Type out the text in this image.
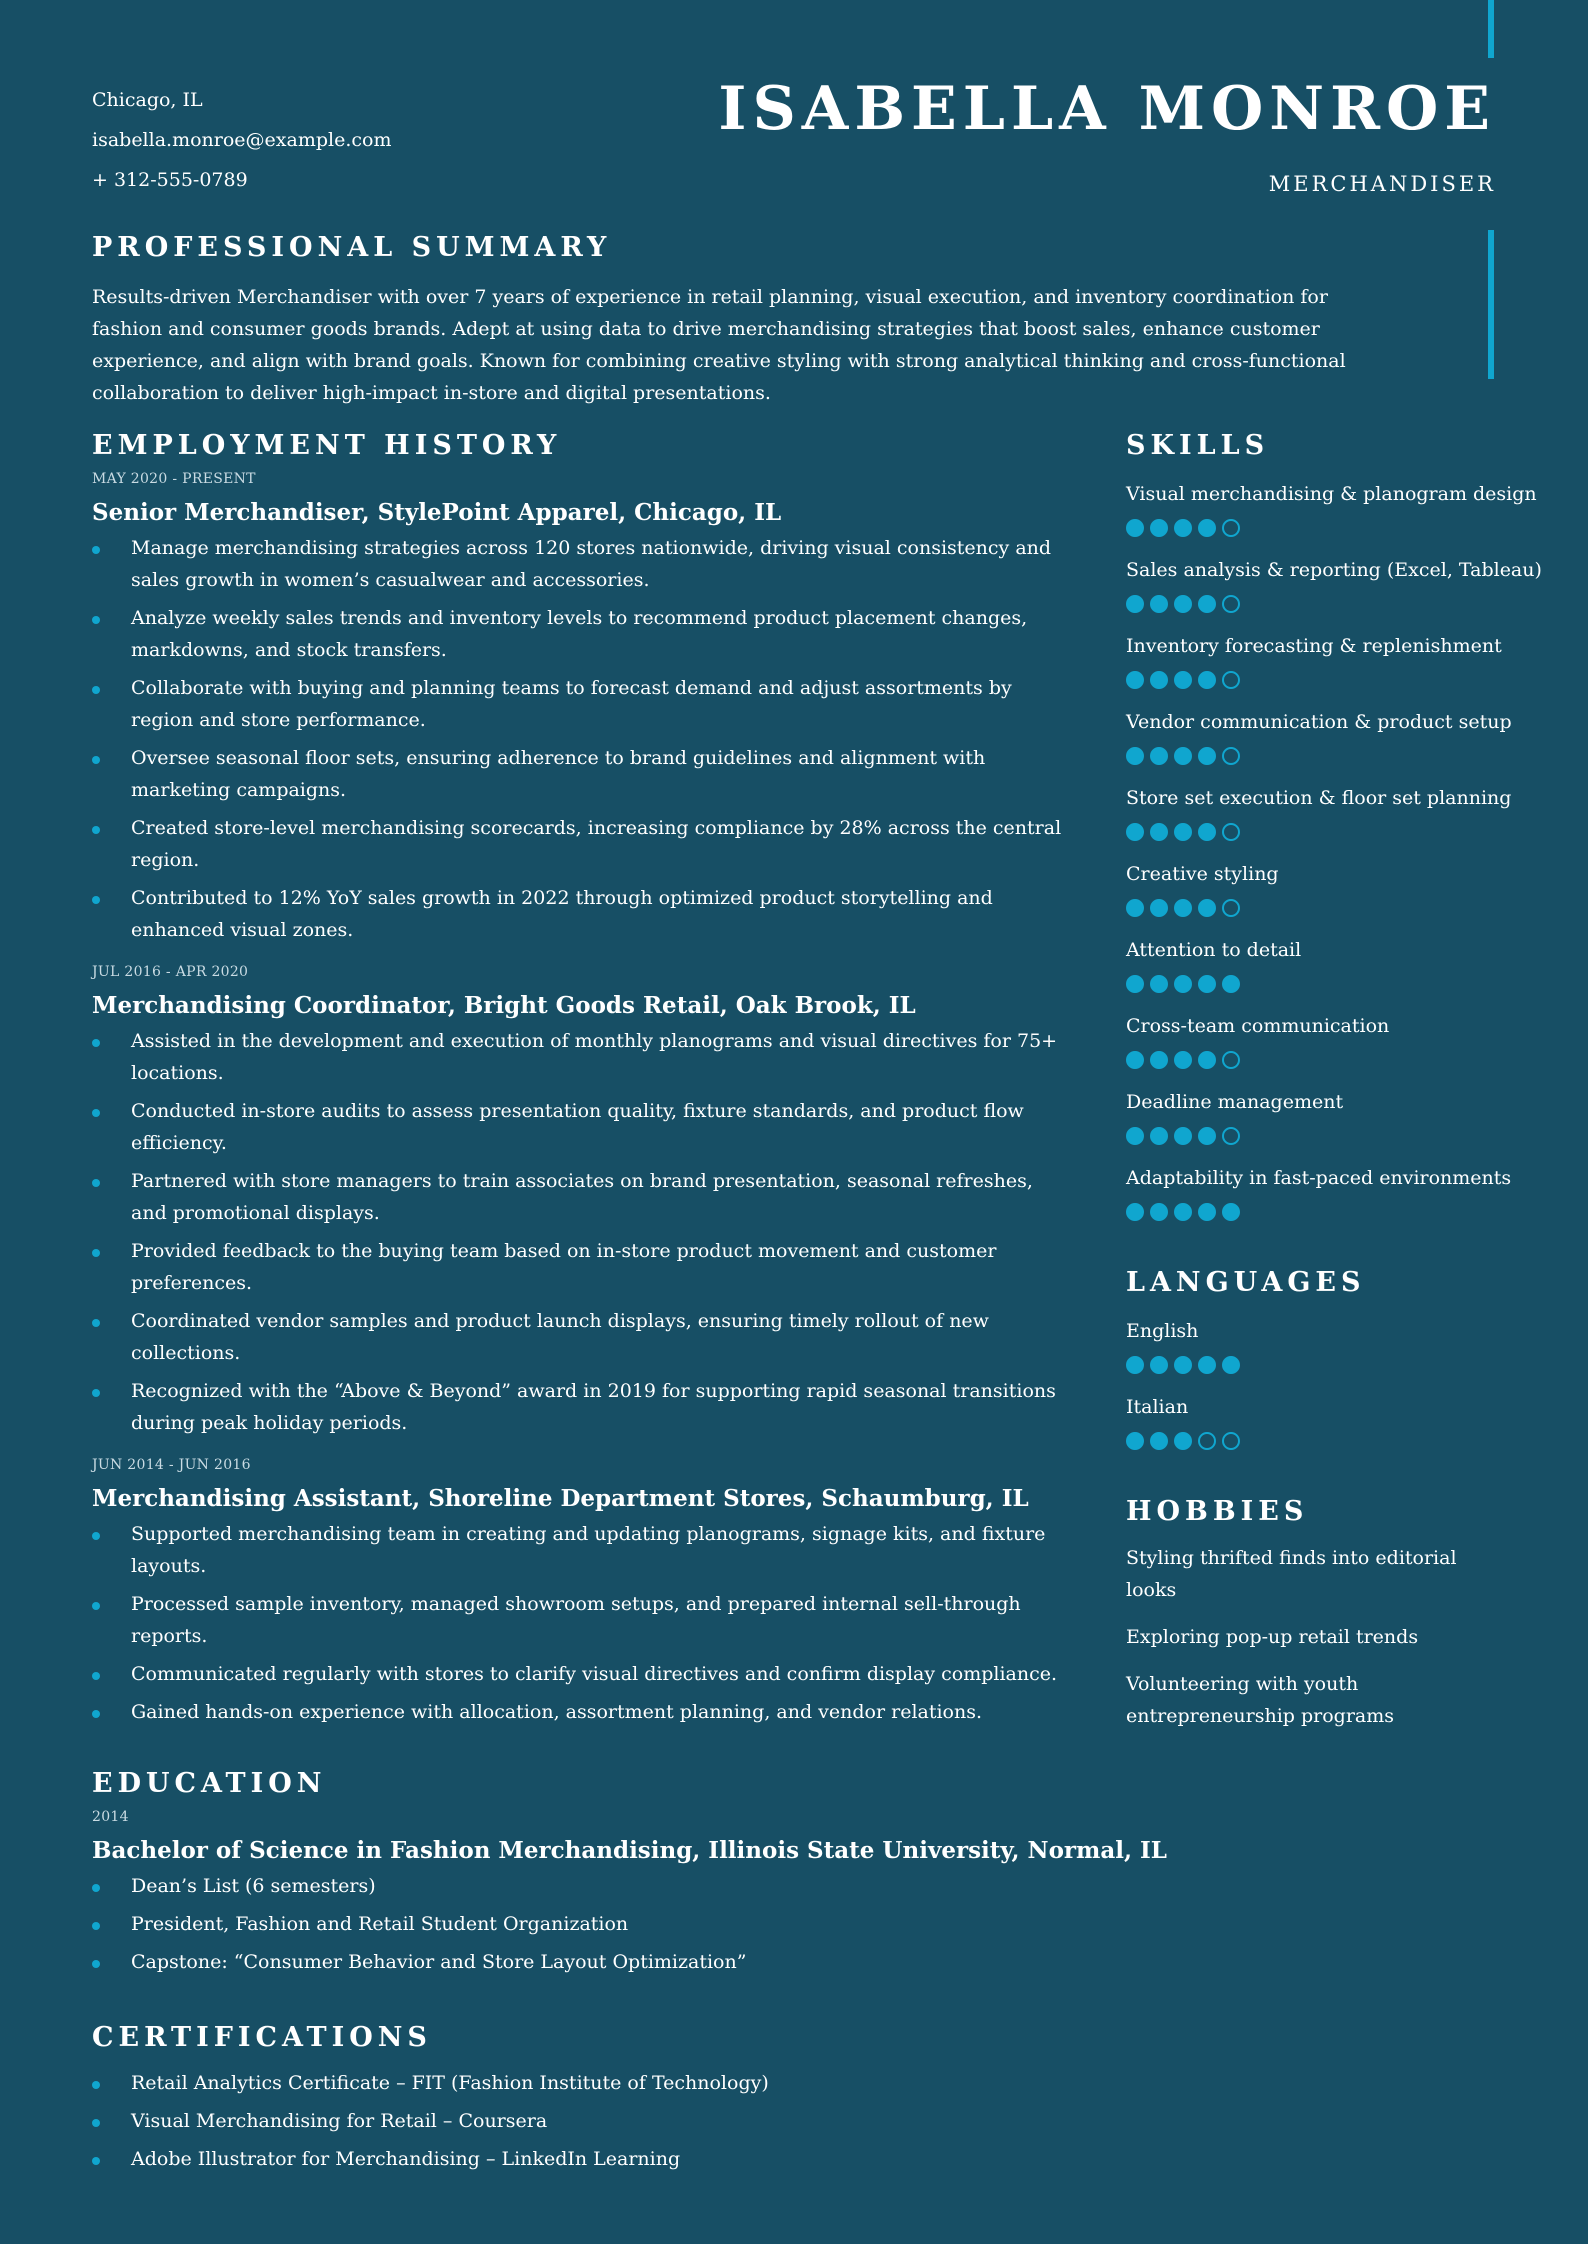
Chicago, IL
isabella.monroe@example.com
+ 312-555-0789
ISABELLA MONROE
MERCHANDISER
PROFESSIONAL SUMMARY

Results-driven Merchandiser with over 7 years of experience in retail planning, visual execution, and inventory coordination for fashion and consumer goods brands. Adept at using data to drive merchandising strategies that boost sales, enhance customer experience, and align with brand goals. Known for combining creative styling with strong analytical thinking and cross-functional collaboration to deliver high-impact in-store and digital presentations.

EMPLOYMENT HISTORY
MAY 2020 - PRESENT
Senior Merchandiser, StylePoint Apparel, Chicago, IL
Manage merchandising strategies across 120 stores nationwide, driving visual consistency and sales growth in women’s casualwear and accessories.
Analyze weekly sales trends and inventory levels to recommend product placement changes, markdowns, and stock transfers.
Collaborate with buying and planning teams to forecast demand and adjust assortments by region and store performance.
Oversee seasonal floor sets, ensuring adherence to brand guidelines and alignment with marketing campaigns.
Created store-level merchandising scorecards, increasing compliance by 28% across the central region.
Contributed to 12% YoY sales growth in 2022 through optimized product storytelling and enhanced visual zones.
JUL 2016 - APR 2020
Merchandising Coordinator, Bright Goods Retail, Oak Brook, IL
Assisted in the development and execution of monthly planograms and visual directives for 75+ locations.
Conducted in-store audits to assess presentation quality, fixture standards, and product flow efficiency.
Partnered with store managers to train associates on brand presentation, seasonal refreshes, and promotional displays.
Provided feedback to the buying team based on in-store product movement and customer preferences.
Coordinated vendor samples and product launch displays, ensuring timely rollout of new collections.
Recognized with the “Above & Beyond” award in 2019 for supporting rapid seasonal transitions during peak holiday periods.
JUN 2014 - JUN 2016
Merchandising Assistant, Shoreline Department Stores, Schaumburg, IL
Supported merchandising team in creating and updating planograms, signage kits, and fixture layouts.
Processed sample inventory, managed showroom setups, and prepared internal sell-through reports.
Communicated regularly with stores to clarify visual directives and confirm display compliance.
Gained hands-on experience with allocation, assortment planning, and vendor relations.
EDUCATION
2014
Bachelor of Science in Fashion Merchandising, Illinois State University, Normal, IL
Dean’s List (6 semesters)
President, Fashion and Retail Student Organization
Capstone: “Consumer Behavior and Store Layout Optimization”
CERTIFICATIONS
Retail Analytics Certificate – FIT (Fashion Institute of Technology)
Visual Merchandising for Retail – Coursera
Adobe Illustrator for Merchandising – LinkedIn Learning
SKILLS
Visual merchandising & planogram design
Sales analysis & reporting (Excel, Tableau)
Inventory forecasting & replenishment
Vendor communication & product setup
Store set execution & floor set planning
Creative styling
Attention to detail
Cross-team communication
Deadline management
Adaptability in fast-paced environments
LANGUAGES
English
Italian
HOBBIES
Styling thrifted finds into editorial looks
Exploring pop-up retail trends
Volunteering with youth entrepreneurship programs
